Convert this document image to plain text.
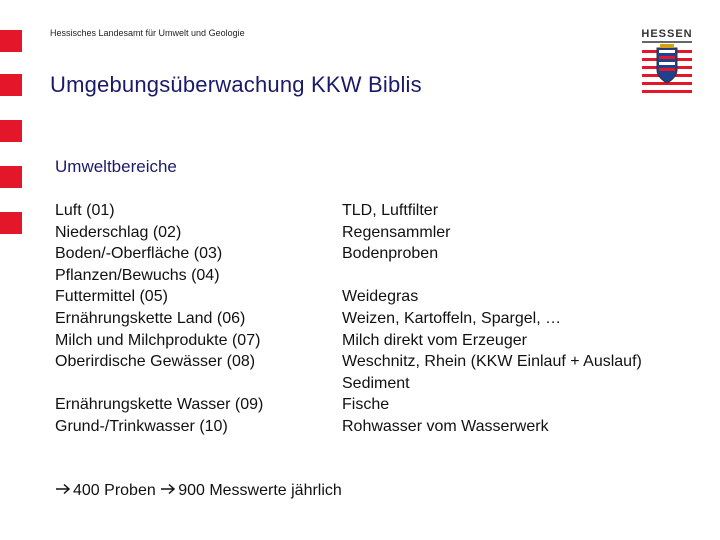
Hessisches Landesamt für Umwelt und Geologie	HESSEN
Umgebungsüberwachung KKW Biblis
Umweltbereiche
Luft (01)
Niederschlag (02)
Boden/-Oberfläche (03)
Pflanzen/Bewuchs (04)
Futtermittel (05)
Ernährungskette Land (06)
Milch und Milchprodukte (07)
Oberirdische Gewässer (08)
Ernährungskette Wasser (09)
Grund-/Trinkwasser (10)
TLD, Luftfilter
Regensammler
Bodenproben
Weidegras
Weizen, Kartoffeln, Spargel, …
Milch direkt vom Erzeuger
Weschnitz, Rhein (KKW Einlauf + Auslauf)
Sediment
Fische
Rohwasser vom Wasserwerk
400 Proben 900 Messwerte jährlich
